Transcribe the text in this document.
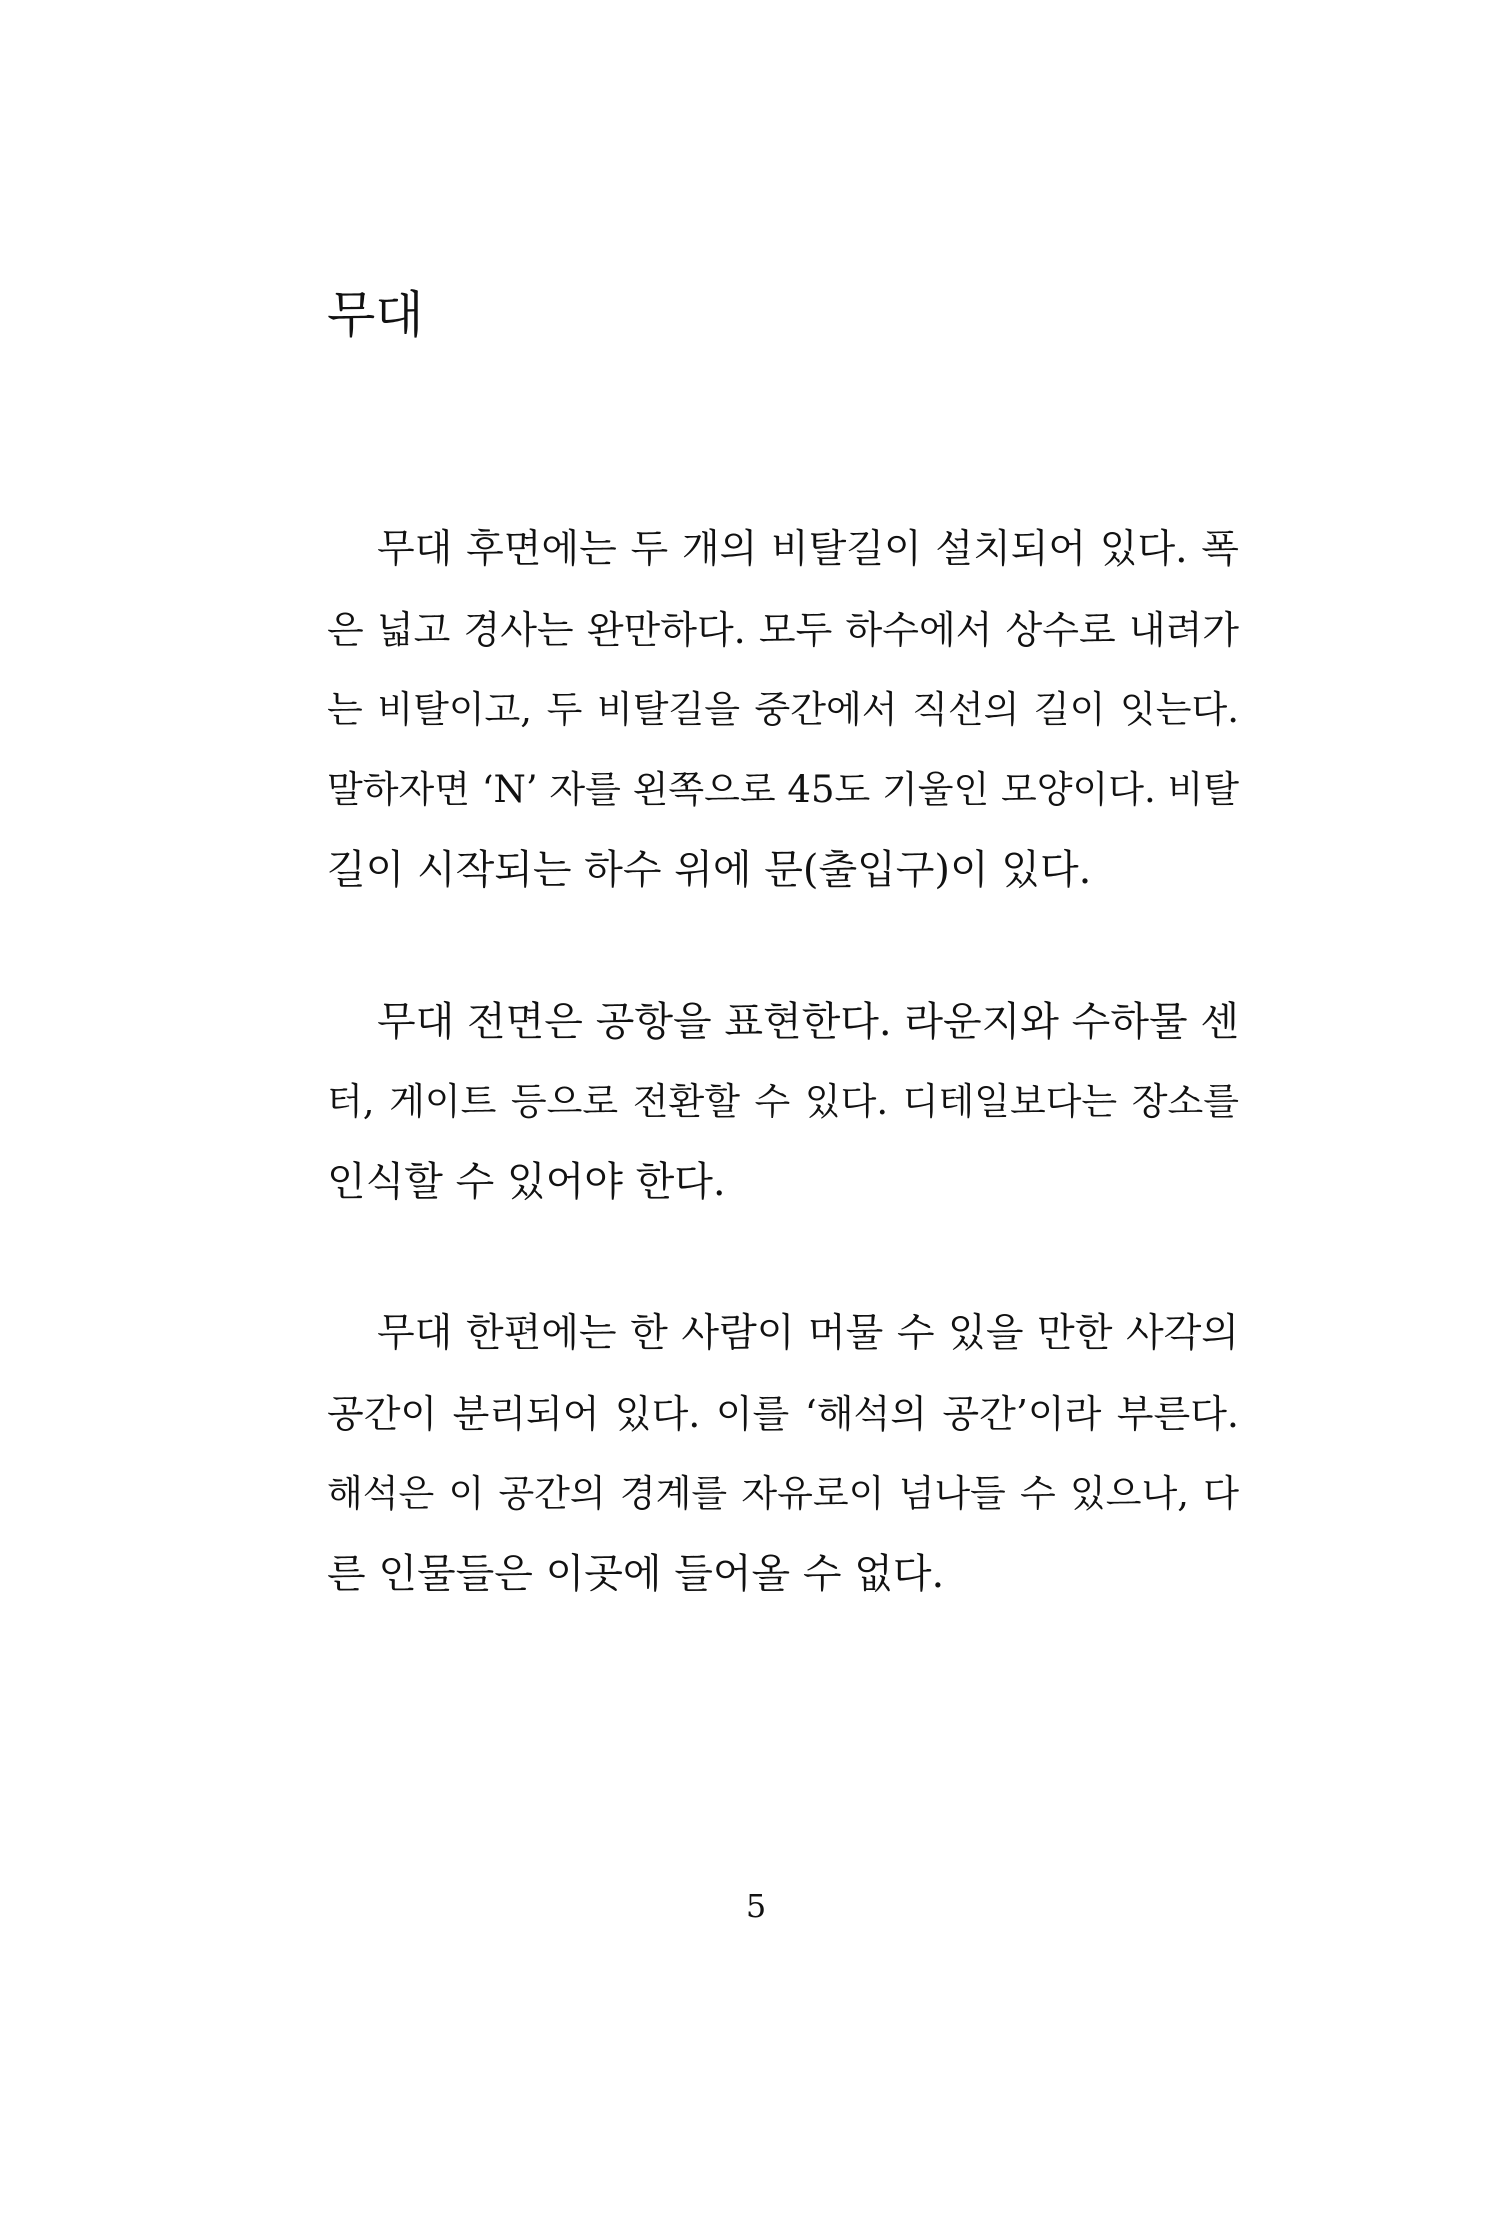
무대
무대 후면에는 두 개의 비탈길이 설치되어 있다. 폭
은 넓고 경사는 완만하다. 모두 하수에서 상수로 내려가
는 비탈이고, 두 비탈길을 중간에서 직선의 길이 잇는다.
말하자면 ‘N’ 자를 왼쪽으로 45도 기울인 모양이다. 비탈
길이 시작되는 하수 위에 문(출입구)이 있다.
무대 전면은 공항을 표현한다. 라운지와 수하물 센
터, 게이트 등으로 전환할 수 있다. 디테일보다는 장소를
인식할 수 있어야 한다.
무대 한편에는 한 사람이 머물 수 있을 만한 사각의
공간이 분리되어 있다. 이를 ‘해석의 공간’이라 부른다.
해석은 이 공간의 경계를 자유로이 넘나들 수 있으나, 다
른 인물들은 이곳에 들어올 수 없다.
5
